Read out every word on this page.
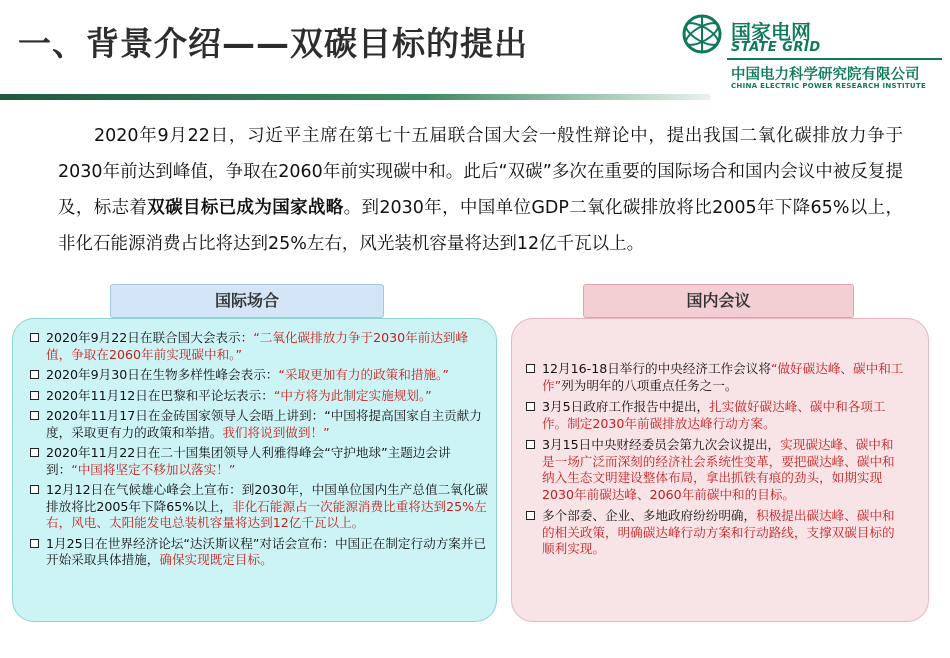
一、背景介绍——双碳目标的提出	国家电网
STATE GRID
中国电力科学研究院有限公司
CHINA ELECTRIC POWER RESEARCH INSTITUTE
2020年9月22日，习近平主席在第七十五届联合国大会一般性辩论中，提出我国二氧化碳排放力争于2030年前达到峰值，争取在2060年前实现碳中和。此后“双碳”多次在重要的国际场合和国内会议中被反复提及，标志着双碳目标已成为国家战略。到2030年，中国单位GDP二氧化碳排放将比2005年下降65%以上，非化石能源消费占比将达到25%左右，风光装机容量将达到12亿千瓦以上。
国际场合
2020年9月22日在联合国大会表示：“二氧化碳排放力争于2030年前达到峰值，争取在2060年前实现碳中和。”
2020年9月30日在生物多样性峰会表示：“采取更加有力的政策和措施。”
2020年11月12日在巴黎和平论坛表示：“中方将为此制定实施规划。”
2020年11月17日在金砖国家领导人会晤上讲到：“中国将提高国家自主贡献力度，采取更有力的政策和举措。我们将说到做到！”
2020年11月22日在二十国集团领导人利雅得峰会“守护地球”主题边会讲到：“中国将坚定不移加以落实！”
12月12日在气候雄心峰会上宣布：到2030年，中国单位国内生产总值二氧化碳排放将比2005年下降65%以上，非化石能源占一次能源消费比重将达到25%左右，风电、太阳能发电总装机容量将达到12亿千瓦以上。
1月25日在世界经济论坛“达沃斯议程”对话会宣布：中国正在制定行动方案并已开始采取具体措施，确保实现既定目标。
国内会议
12月16-18日举行的中央经济工作会议将“做好碳达峰、碳中和工作”列为明年的八项重点任务之一。
3月5日政府工作报告中提出，扎实做好碳达峰、碳中和各项工作。制定2030年前碳排放达峰行动方案。
3月15日中央财经委员会第九次会议提出，实现碳达峰、碳中和是一场广泛而深刻的经济社会系统性变革，要把碳达峰、碳中和纳入生态文明建设整体布局，拿出抓铁有痕的劲头，如期实现2030年前碳达峰、2060年前碳中和的目标。
多个部委、企业、多地政府纷纷明确，积极提出碳达峰、碳中和的相关政策，明确碳达峰行动方案和行动路线，支撑双碳目标的顺利实现。
